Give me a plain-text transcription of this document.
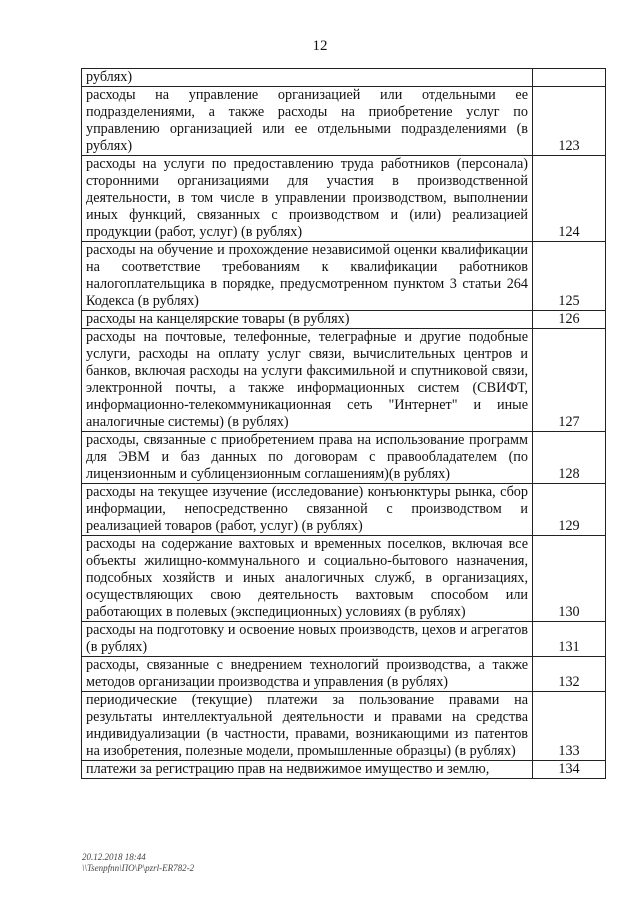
12
рублях)	
расходы на управление организацией или отдельными ее подразделениями, а также расходы на приобретение услуг по управлению организацией или ее отдельными подразделениями (в рублях)	123
расходы на услуги по предоставлению труда работников (персонала) сторонними организациями для участия в производственной деятельности, в том числе в управлении производством, выполнении иных функций, связанных с производством и (или) реализацией продукции (работ, услуг) (в рублях)	124
расходы на обучение и прохождение независимой оценки квалификации на соответствие требованиям к квалификации работников налогоплательщика в порядке, предусмотренном пунктом 3 статьи 264 Кодекса (в рублях)	125
расходы на канцелярские товары (в рублях)	126
расходы на почтовые, телефонные, телеграфные и другие подобные услуги, расходы на оплату услуг связи, вычислительных центров и банков, включая расходы на услуги факсимильной и спутниковой связи, электронной почты, а также информационных систем (СВИФТ, информационно-телекоммуникационная сеть "Интернет" и иные аналогичные системы) (в рублях)	127
расходы, связанные с приобретением права на использование программ для ЭВМ и баз данных по договорам с правообладателем (по лицензионным и сублицензионным соглашениям)(в рублях)	128
расходы на текущее изучение (исследование) конъюнктуры рынка, сбор информации, непосредственно связанной с производством и реализацией товаров (работ, услуг) (в рублях)	129
расходы на содержание вахтовых и временных поселков, включая все объекты жилищно-коммунального и социально-бытового назначения, подсобных хозяйств и иных аналогичных служб, в организациях, осуществляющих свою деятельность вахтовым способом или работающих в полевых (экспедиционных) условиях (в рублях)	130
расходы на подготовку и освоение новых производств, цехов и агрегатов (в рублях)	131
расходы, связанные с внедрением технологий производства, а также методов организации производства и управления (в рублях)	132
периодические (текущие) платежи за пользование правами на результаты интеллектуальной деятельности и правами на средства индивидуализации (в частности, правами, возникающими из патентов на изобретения, полезные модели, промышленные образцы) (в рублях)	133
платежи за регистрацию прав на недвижимое имущество и землю,	134
20.12.2018 18:44
\\Tsenpfnn\ПО\Р\pzrl-ER782-2
